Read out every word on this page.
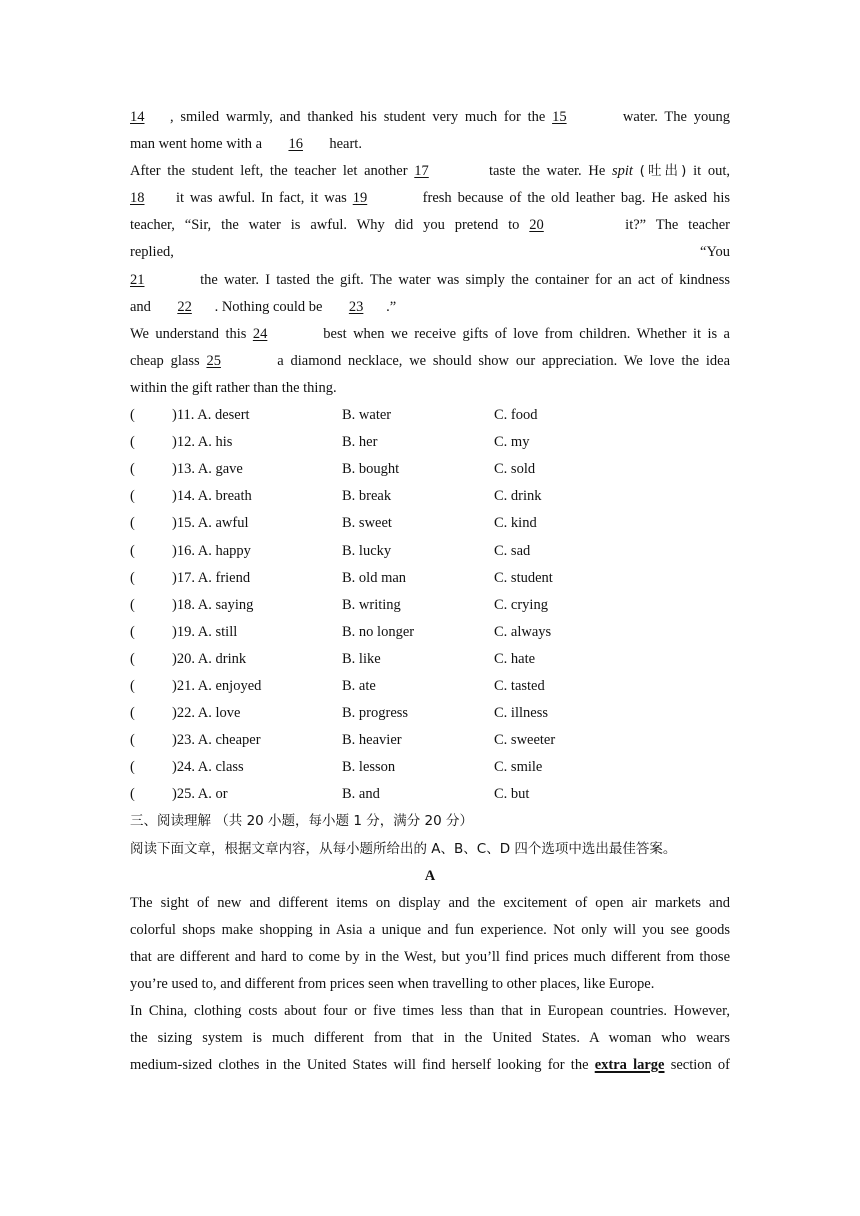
14 , smiled warmly, and thanked his student very much for the 15	water. The young
man went home with a 16 heart.
After the student left, the teacher let another 17	taste the water. He spit (吐出) it out,
18 it was awful. In fact, it was 19	fresh because of the old leather bag. He asked his
teacher, “Sir, the water is awful. Why did you pretend to 20	it?” The teacher
replied,	“You
21	the water. I tasted the gift. The water was simply the container for an act of kindness
and 22 . Nothing could be 23 .”
We understand this 24	best when we receive gifts of love from children. Whether it is a
cheap glass 25	a diamond necklace, we should show our appreciation. We love the idea
within the gift rather than the thing.
(	)11. A. desert	B. water	C. food
(	)12. A. his	B. her	C. my
(	)13. A. gave	B. bought	C. sold
(	)14. A. breath	B. break	C. drink
(	)15. A. awful	B. sweet	C. kind
(	)16. A. happy	B. lucky	C. sad
(	)17. A. friend	B. old man	C. student
(	)18. A. saying	B. writing	C. crying
(	)19. A. still	B. no longer	C. always
(	)20. A. drink	B. like	C. hate
(	)21. A. enjoyed	B. ate	C. tasted
(	)22. A. love	B. progress	C. illness
(	)23. A. cheaper	B. heavier	C. sweeter
(	)24. A. class	B. lesson	C. smile
(	)25. A. or	B. and	C. but
三、阅读理解 （共 20 小题，每小题 1 分，满分 20 分）
阅读下面文章，根据文章内容，从每小题所给出的 A、B、C、D 四个选项中选出最佳答案。
A
The sight of new and different items on display and the excitement of open air markets and
colorful shops make shopping in Asia a unique and fun experience. Not only will you see goods
that are different and hard to come by in the West, but you’ll find prices much different from those
you’re used to, and different from prices seen when travelling to other places, like Europe.
In China, clothing costs about four or five times less than that in European countries. However,
the sizing system is much different from that in the United States. A woman who wears
medium-sized clothes in the United States will find herself looking for the extra large section of
